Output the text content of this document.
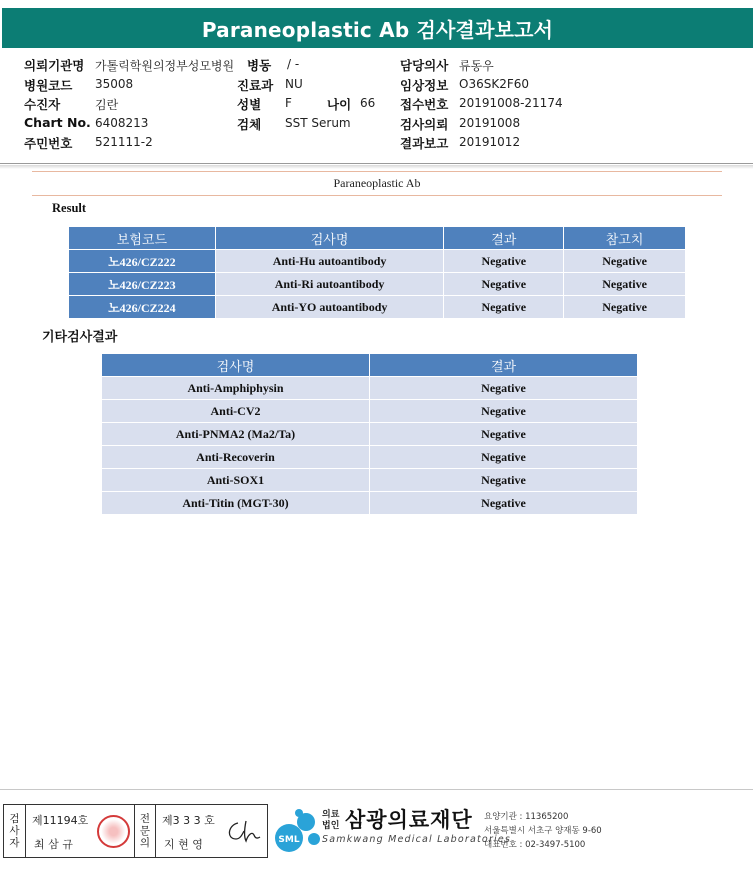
Paraneoplastic Ab 검사결과보고서
의뢰기관명 가톨릭학원의정부성모병원
병원코드 35008
수진자	김란
Chart No. 6408213
주민번호 521111-2
병동 / -
진료과 NU
성별 F	나이 66
검체 SST Serum
담당의사 류동우
임상정보 O36SK2F60
접수번호 20191008-21174
검사의뢰 20191008
결과보고 20191012
Paraneoplastic Ab
Result
보험코드	검사명	결과	참고치
노426/CZ222	Anti-Hu autoantibody	Negative	Negative
노426/CZ223	Anti-Ri autoantibody	Negative	Negative
노426/CZ224	Anti-YO autoantibody	Negative	Negative
기타검사결과
검사명	결과
Anti-Amphiphysin	Negative
Anti-CV2	Negative
Anti-PNMA2 (Ma2/Ta)	Negative
Anti-Recoverin	Negative
Anti-SOX1	Negative
Anti-Titin (MGT-30)	Negative
검
사
자
제11194호
최 삼 규
전
문
의
제3 3 3 호
지 현 영	SML
의료
법인 삼광의료재단
Samkwang Medical Laboratories
요양기관 : 11365200
서울특별시 서초구 양재동 9-60
대표번호 : 02-3497-5100
